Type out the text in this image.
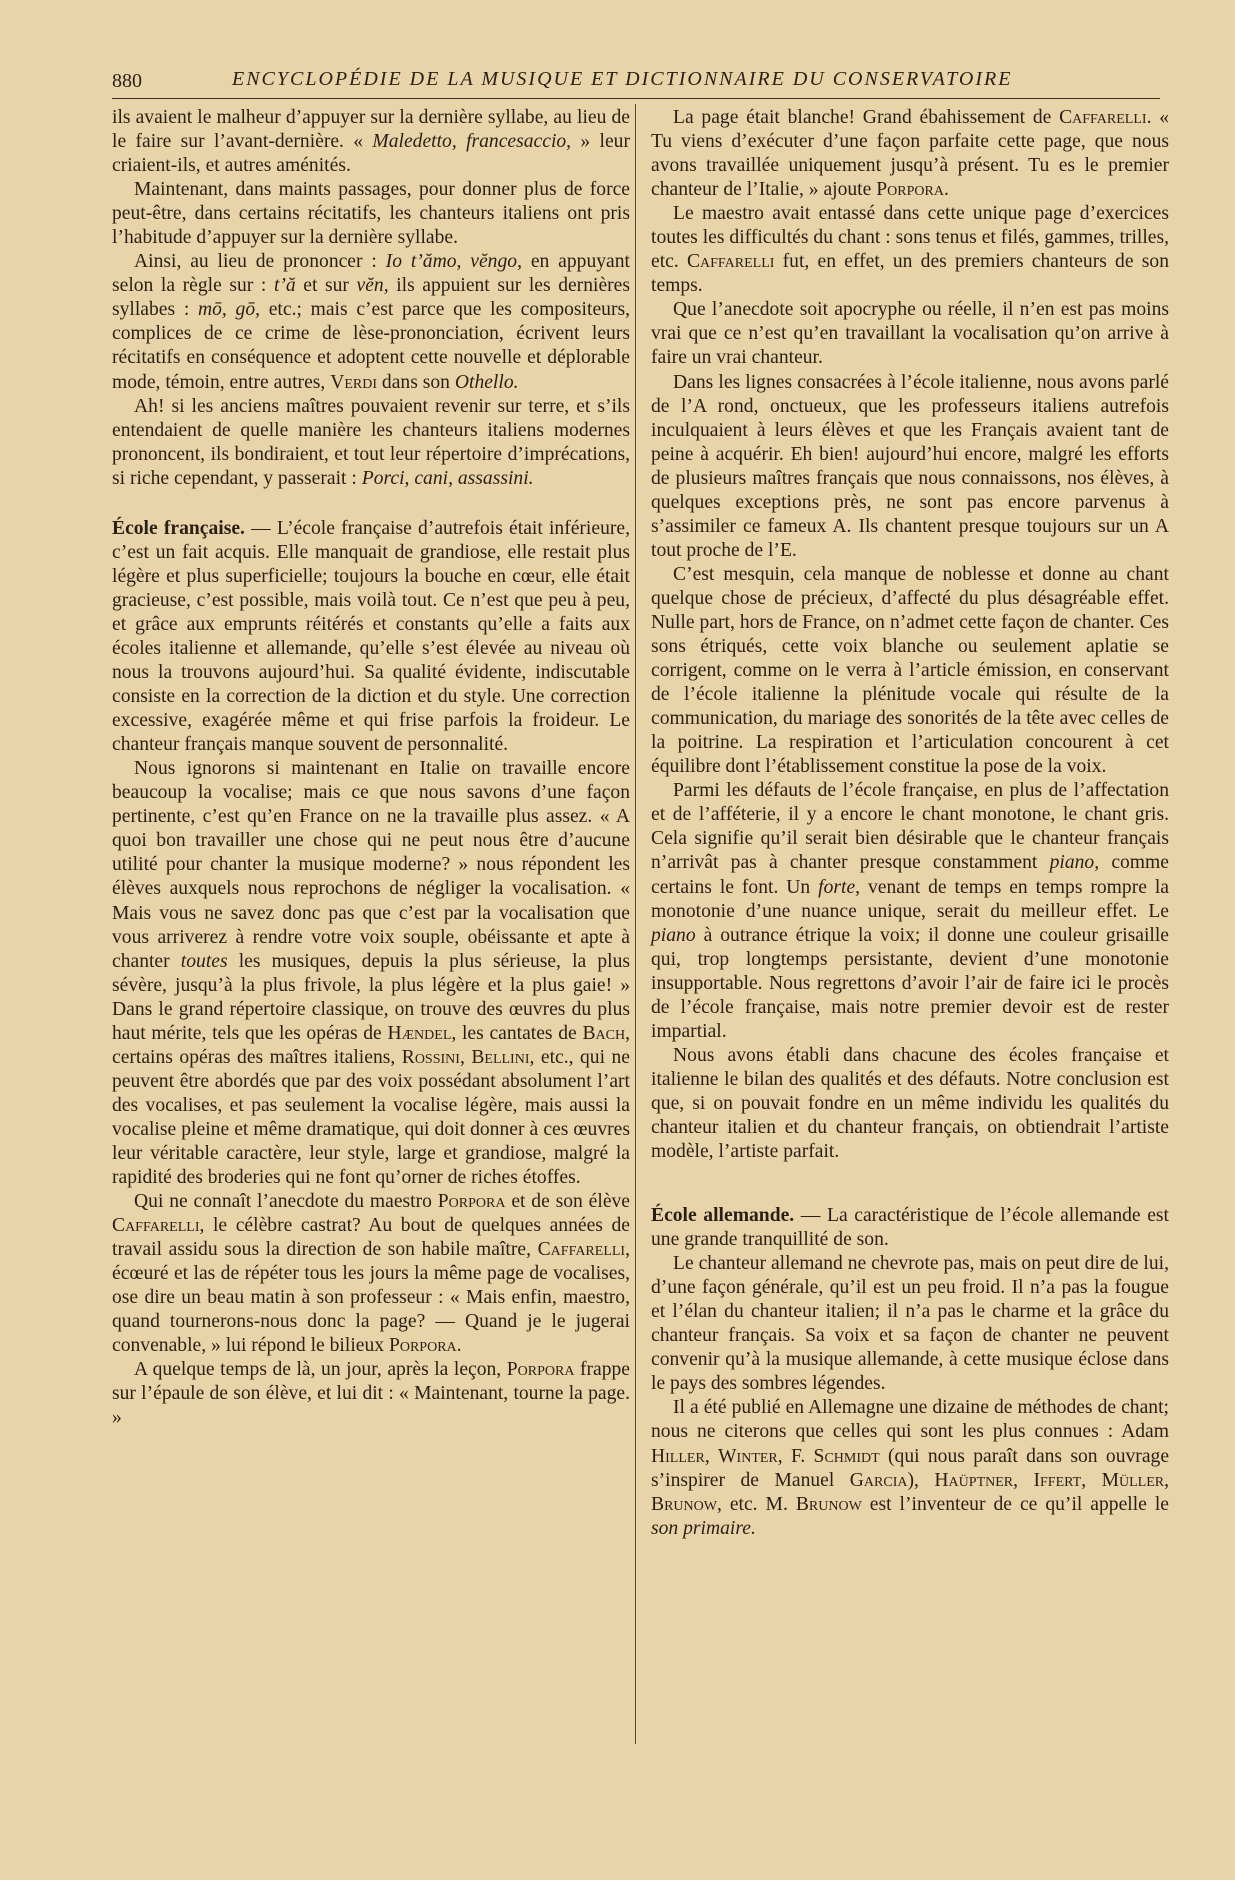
880	ENCYCLOPÉDIE DE LA MUSIQUE ET DICTIONNAIRE DU CONSERVATOIRE

ils avaient le malheur d’appuyer sur la dernière syllabe, au lieu de le faire sur l’avant-dernière. « Maledetto, francesaccio, » leur criaient-ils, et autres aménités.

Maintenant, dans maints passages, pour donner plus de force peut-être, dans certains récitatifs, les chanteurs italiens ont pris l’habitude d’appuyer sur la dernière syllabe.

Ainsi, au lieu de prononcer : Io t’ămo, vĕngo, en appuyant selon la règle sur : t’ă et sur vĕn, ils appuient sur les dernières syllabes : mō, gō, etc.; mais c’est parce que les compositeurs, complices de ce crime de lèse-prononciation, écrivent leurs récitatifs en conséquence et adoptent cette nouvelle et déplorable mode, témoin, entre autres, Verdi dans son Othello.

Ah! si les anciens maîtres pouvaient revenir sur terre, et s’ils entendaient de quelle manière les chanteurs italiens modernes prononcent, ils bondiraient, et tout leur répertoire d’imprécations, si riche cependant, y passerait : Porci, cani, assassini.

École française. — L’école française d’autrefois était inférieure, c’est un fait acquis. Elle manquait de grandiose, elle restait plus légère et plus superficielle; toujours la bouche en cœur, elle était gracieuse, c’est possible, mais voilà tout. Ce n’est que peu à peu, et grâce aux emprunts réitérés et constants qu’elle a faits aux écoles italienne et allemande, qu’elle s’est élevée au niveau où nous la trouvons aujourd’hui. Sa qualité évidente, indiscutable consiste en la correction de la diction et du style. Une correction excessive, exagérée même et qui frise parfois la froideur. Le chanteur français manque souvent de personnalité.

Nous ignorons si maintenant en Italie on travaille encore beaucoup la vocalise; mais ce que nous savons d’une façon pertinente, c’est qu’en France on ne la travaille plus assez. « A quoi bon travailler une chose qui ne peut nous être d’aucune utilité pour chanter la musique moderne? » nous répondent les élèves auxquels nous reprochons de négliger la vocalisation. « Mais vous ne savez donc pas que c’est par la vocalisation que vous arriverez à rendre votre voix souple, obéissante et apte à chanter toutes les musiques, depuis la plus sérieuse, la plus sévère, jusqu’à la plus frivole, la plus légère et la plus gaie! » Dans le grand répertoire classique, on trouve des œuvres du plus haut mérite, tels que les opéras de Hændel, les cantates de Bach, certains opéras des maîtres italiens, Rossini, Bellini, etc., qui ne peuvent être abordés que par des voix possédant absolument l’art des vocalises, et pas seulement la vocalise légère, mais aussi la vocalise pleine et même dramatique, qui doit donner à ces œuvres leur véritable caractère, leur style, large et grandiose, malgré la rapidité des broderies qui ne font qu’orner de riches étoffes.

Qui ne connaît l’anecdote du maestro Porpora et de son élève Caffarelli, le célèbre castrat? Au bout de quelques années de travail assidu sous la direction de son habile maître, Caffarelli, écœuré et las de répéter tous les jours la même page de vocalises, ose dire un beau matin à son professeur : « Mais enfin, maestro, quand tournerons-nous donc la page? — Quand je le jugerai convenable, » lui répond le bilieux Porpora.

A quelque temps de là, un jour, après la leçon, Porpora frappe sur l’épaule de son élève, et lui dit : « Maintenant, tourne la page. »

La page était blanche! Grand ébahissement de Caffarelli. « Tu viens d’exécuter d’une façon parfaite cette page, que nous avons travaillée uniquement jusqu’à présent. Tu es le premier chanteur de l’Italie, » ajoute Porpora.

Le maestro avait entassé dans cette unique page d’exercices toutes les difficultés du chant : sons tenus et filés, gammes, trilles, etc. Caffarelli fut, en effet, un des premiers chanteurs de son temps.

Que l’anecdote soit apocryphe ou réelle, il n’en est pas moins vrai que ce n’est qu’en travaillant la vocalisation qu’on arrive à faire un vrai chanteur.

Dans les lignes consacrées à l’école italienne, nous avons parlé de l’A rond, onctueux, que les professeurs italiens autrefois inculquaient à leurs élèves et que les Français avaient tant de peine à acquérir. Eh bien! aujourd’hui encore, malgré les efforts de plusieurs maîtres français que nous connaissons, nos élèves, à quelques exceptions près, ne sont pas encore parvenus à s’assimiler ce fameux A. Ils chantent presque toujours sur un A tout proche de l’E.

C’est mesquin, cela manque de noblesse et donne au chant quelque chose de précieux, d’affecté du plus désagréable effet. Nulle part, hors de France, on n’admet cette façon de chanter. Ces sons étriqués, cette voix blanche ou seulement aplatie se corrigent, comme on le verra à l’article émission, en conservant de l’école italienne la plénitude vocale qui résulte de la communication, du mariage des sonorités de la tête avec celles de la poitrine. La respiration et l’articulation concourent à cet équilibre dont l’établissement constitue la pose de la voix.

Parmi les défauts de l’école française, en plus de l’affectation et de l’afféterie, il y a encore le chant monotone, le chant gris. Cela signifie qu’il serait bien désirable que le chanteur français n’arrivât pas à chanter presque constamment piano, comme certains le font. Un forte, venant de temps en temps rompre la monotonie d’une nuance unique, serait du meilleur effet. Le piano à outrance étrique la voix; il donne une couleur grisaille qui, trop longtemps persistante, devient d’une monotonie insupportable. Nous regrettons d’avoir l’air de faire ici le procès de l’école française, mais notre premier devoir est de rester impartial.

Nous avons établi dans chacune des écoles française et italienne le bilan des qualités et des défauts. Notre conclusion est que, si on pouvait fondre en un même individu les qualités du chanteur italien et du chanteur français, on obtiendrait l’artiste modèle, l’artiste parfait.

École allemande. — La caractéristique de l’école allemande est une grande tranquillité de son.

Le chanteur allemand ne chevrote pas, mais on peut dire de lui, d’une façon générale, qu’il est un peu froid. Il n’a pas la fougue et l’élan du chanteur italien; il n’a pas le charme et la grâce du chanteur français. Sa voix et sa façon de chanter ne peuvent convenir qu’à la musique allemande, à cette musique éclose dans le pays des sombres légendes.

Il a été publié en Allemagne une dizaine de méthodes de chant; nous ne citerons que celles qui sont les plus connues : Adam Hiller, Winter, F. Schmidt (qui nous paraît dans son ouvrage s’inspirer de Manuel Garcia), Haüptner, Iffert, Müller, Brunow, etc. M. Brunow est l’inventeur de ce qu’il appelle le son primaire.
